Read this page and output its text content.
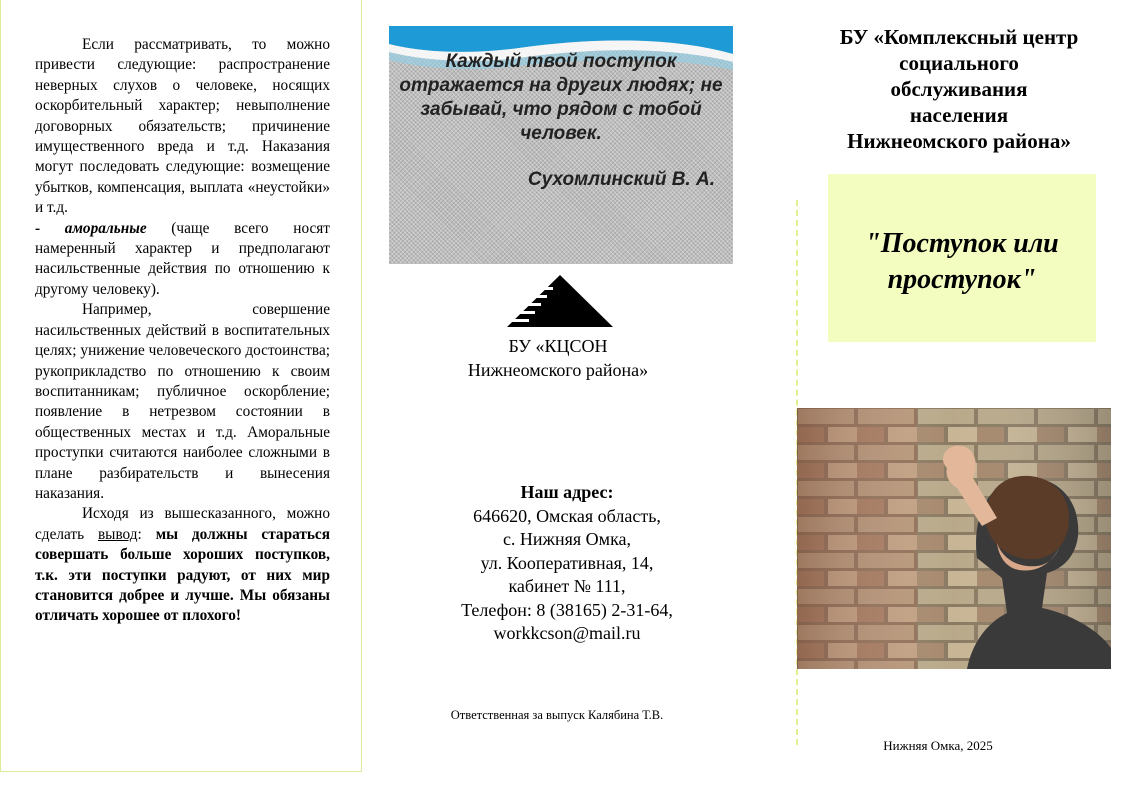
Если рассматривать, то можно привести следующие: распространение неверных слухов о человеке, носящих оскорбительный характер; невыполнение договорных обязательств; причинение имущественного вреда и т.д. Наказания могут последовать следующие: возмещение убытков, компенсация, выплата «неустойки» и т.д.

- аморальные (чаще всего носят намеренный характер и предполагают насильственные действия по отношению к другому человеку).

Например, совершение насильственных действий в воспитательных целях; унижение человеческого достоинства; рукоприкладство по отношению к своим воспитанникам; публичное оскорбление; появление в нетрезвом состоянии в общественных местах и т.д. Аморальные проступки считаются наиболее сложными в плане разбирательств и вынесения наказания.

Исходя из вышесказанного, можно сделать вывод: мы должны стараться совершать больше хороших поступков, т.к. эти поступки радуют, от них мир становится добрее и лучше. Мы обязаны отличать хорошее от плохого!

Каждый твой поступок отражается на других людях; не забывай, что рядом с тобой человек.
Сухомлинский В. А.
БУ «КЦСОН
Нижнеомского района»
Наш адрес:
646620, Омская область,
с. Нижняя Омка,
ул. Кооперативная, 14,
кабинет № 111,
Телефон: 8 (38165) 2-31-64,
workkcson@mail.ru
Ответственная за выпуск Калябина Т.В.
БУ «Комплексный центр
социального
обслуживания
населения
Нижнеомского района»
"Поступок или
проступок"
Нижняя Омка, 2025
